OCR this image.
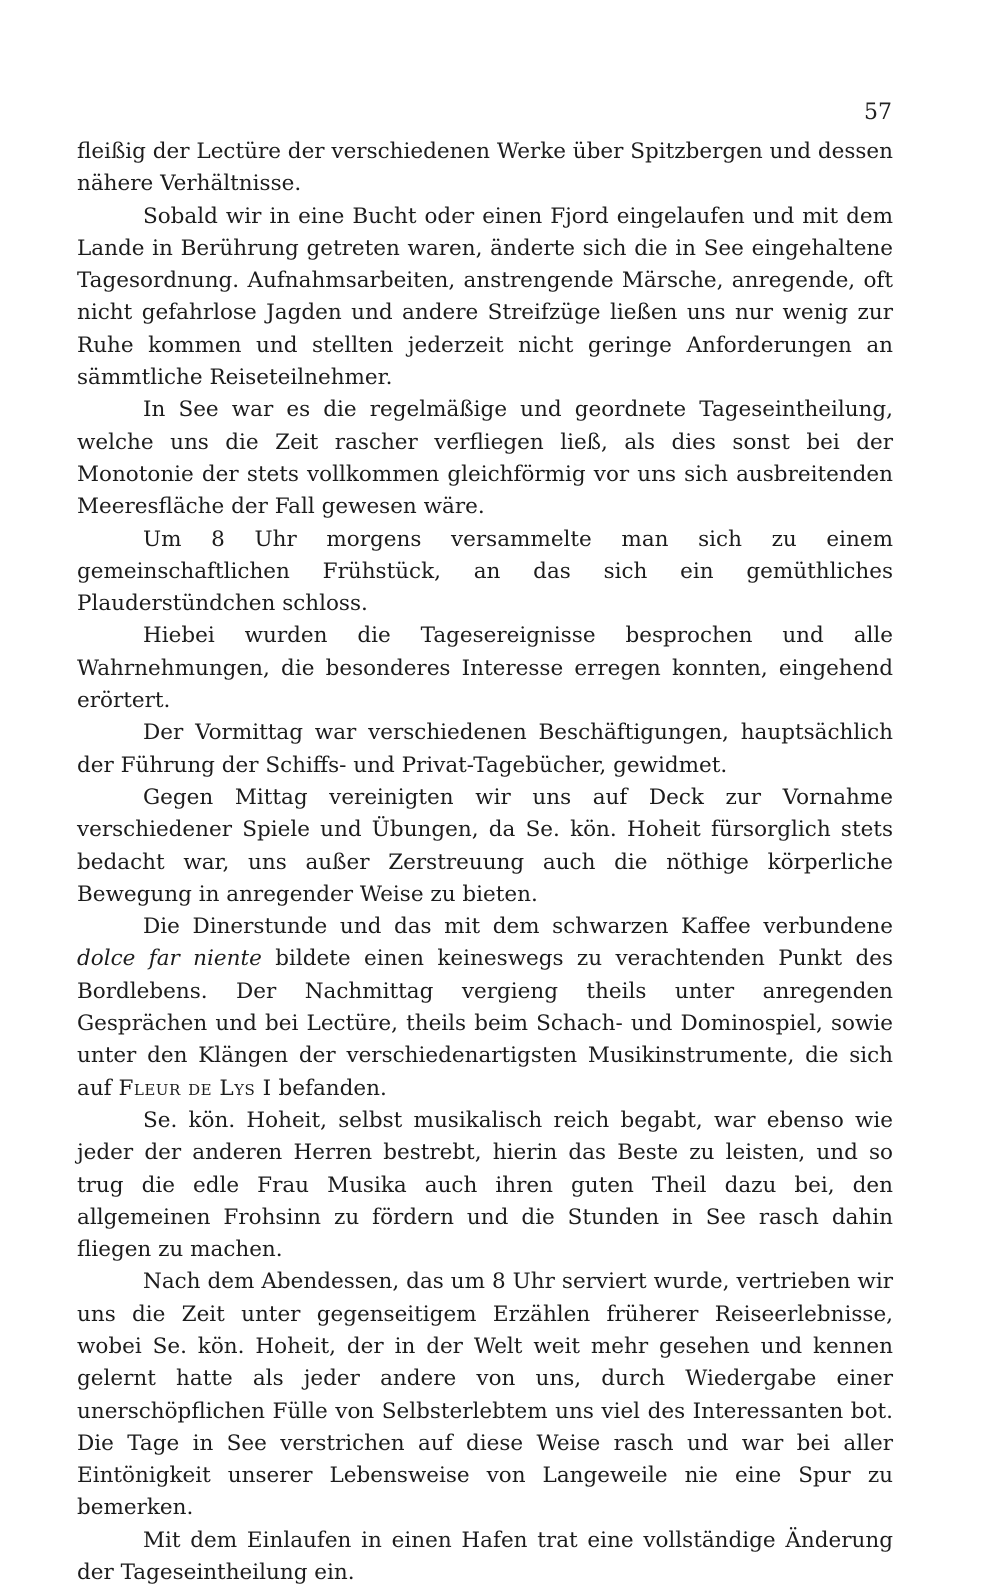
57

fleißig der Lectüre der verschiedenen Werke über Spitzbergen und dessen nähere Verhältnisse.

Sobald wir in eine Bucht oder einen Fjord eingelaufen und mit dem Lande in Berührung getreten waren, änderte sich die in See eingehaltene Tagesordnung. Aufnahmsarbeiten, anstrengende Märsche, anregende, oft nicht gefahrlose Jagden und andere Streifzüge ließen uns nur wenig zur Ruhe kommen und stellten jederzeit nicht geringe Anforderungen an sämmtliche Reiseteilnehmer.

In See war es die regelmäßige und geordnete Tageseintheilung, welche uns die Zeit rascher verfliegen ließ, als dies sonst bei der Monotonie der stets vollkommen gleichförmig vor uns sich ausbreitenden Meeresfläche der Fall gewesen wäre.

Um 8 Uhr morgens versammelte man sich zu einem gemeinschaftlichen Frühstück, an das sich ein gemüthliches Plauderstündchen schloss.

Hiebei wurden die Tagesereignisse besprochen und alle Wahrnehmungen, die besonderes Interesse erregen konnten, eingehend erörtert.

Der Vormittag war verschiedenen Beschäftigungen, hauptsächlich der Führung der Schiffs- und Privat-Tagebücher, gewidmet.

Gegen Mittag vereinigten wir uns auf Deck zur Vornahme verschiedener Spiele und Übungen, da Se. kön. Hoheit fürsorglich stets bedacht war, uns außer Zerstreuung auch die nöthige körperliche Bewegung in anregender Weise zu bieten.

Die Dinerstunde und das mit dem schwarzen Kaffee verbundene dolce far niente bildete einen keineswegs zu verachtenden Punkt des Bordlebens. Der Nachmittag vergieng theils unter anregenden Gesprächen und bei Lectüre, theils beim Schach- und Dominospiel, sowie unter den Klängen der verschiedenartigsten Musikinstrumente, die sich auf Fleur de Lys I befanden.

Se. kön. Hoheit, selbst musikalisch reich begabt, war ebenso wie jeder der anderen Herren bestrebt, hierin das Beste zu leisten, und so trug die edle Frau Musika auch ihren guten Theil dazu bei, den allgemeinen Frohsinn zu fördern und die Stunden in See rasch dahin fliegen zu machen.

Nach dem Abendessen, das um 8 Uhr serviert wurde, vertrieben wir uns die Zeit unter gegenseitigem Erzählen früherer Reiseerlebnisse, wobei Se. kön. Hoheit, der in der Welt weit mehr gesehen und kennen gelernt hatte als jeder andere von uns, durch Wiedergabe einer unerschöpflichen Fülle von Selbsterlebtem uns viel des Interessanten bot. Die Tage in See verstrichen auf diese Weise rasch und war bei aller Eintönigkeit unserer Lebensweise von Langeweile nie eine Spur zu bemerken.

Mit dem Einlaufen in einen Hafen trat eine vollständige Änderung der Tageseintheilung ein.
